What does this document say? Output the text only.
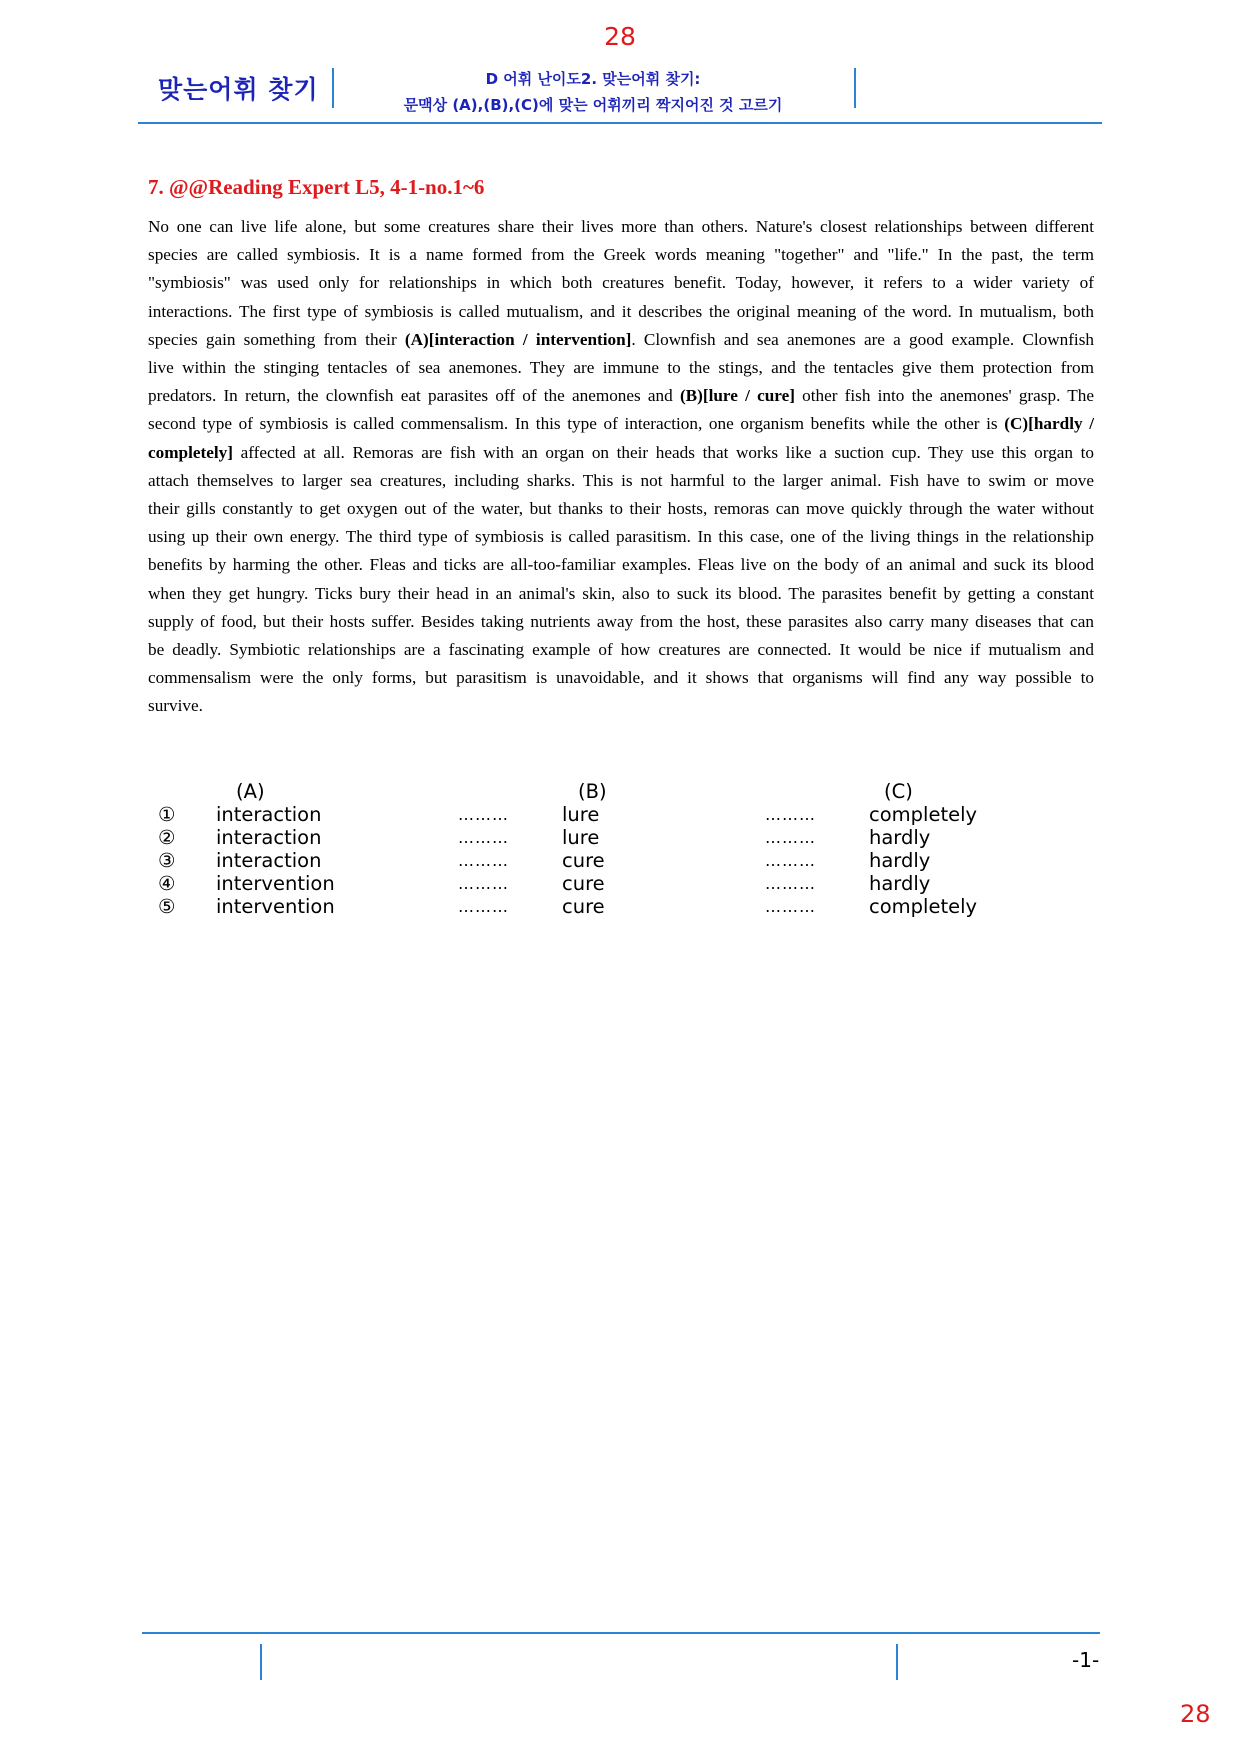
28
맞는어휘 찾기	D 어휘 난이도2. 맞는어휘 찾기:
문맥상 (A),(B),(C)에 맞는 어휘끼리 짝지어진 것 고르기
7. @@Reading Expert L5, 4-1-no.1~6
No one can live life alone, but some creatures share their lives more than others. Nature's closest relationships between different species are called symbiosis. It is a name formed from the Greek words meaning "together" and "life." In the past, the term "symbiosis" was used only for relationships in which both creatures benefit. Today, however, it refers to a wider variety of interactions. The first type of symbiosis is called mutualism, and it describes the original meaning of the word. In mutualism, both species gain something from their (A)[interaction / intervention]. Clownfish and sea anemones are a good example. Clownfish live within the stinging tentacles of sea anemones. They are immune to the stings, and the tentacles give them protection from predators. In return, the clownfish eat parasites off of the anemones and (B)[lure / cure] other fish into the anemones' grasp. The second type of symbiosis is called commensalism. In this type of interaction, one organism benefits while the other is (C)[hardly / completely] affected at all. Remoras are fish with an organ on their heads that works like a suction cup. They use this organ to attach themselves to larger sea creatures, including sharks. This is not harmful to the larger animal. Fish have to swim or move their gills constantly to get oxygen out of the water, but thanks to their hosts, remoras can move quickly through the water without using up their own energy. The third type of symbiosis is called parasitism. In this case, one of the living things in the relationship benefits by harming the other. Fleas and ticks are all-too-familiar examples. Fleas live on the body of an animal and suck its blood when they get hungry. Ticks bury their head in an animal's skin, also to suck its blood. The parasites benefit by getting a constant supply of food, but their hosts suffer. Besides taking nutrients away from the host, these parasites also carry many diseases that can be deadly. Symbiotic relationships are a fascinating example of how creatures are connected. It would be nice if mutualism and commensalism were the only forms, but parasitism is unavoidable, and it shows that organisms will find any way possible to survive.
(A)	(B)	(C)
① interaction	………	lure	………	completely
② interaction	………	lure	………	hardly
③ interaction	………	cure	………	hardly
④ intervention	………	cure	………	hardly
⑤ intervention	………	cure	………	completely
-1-
28
